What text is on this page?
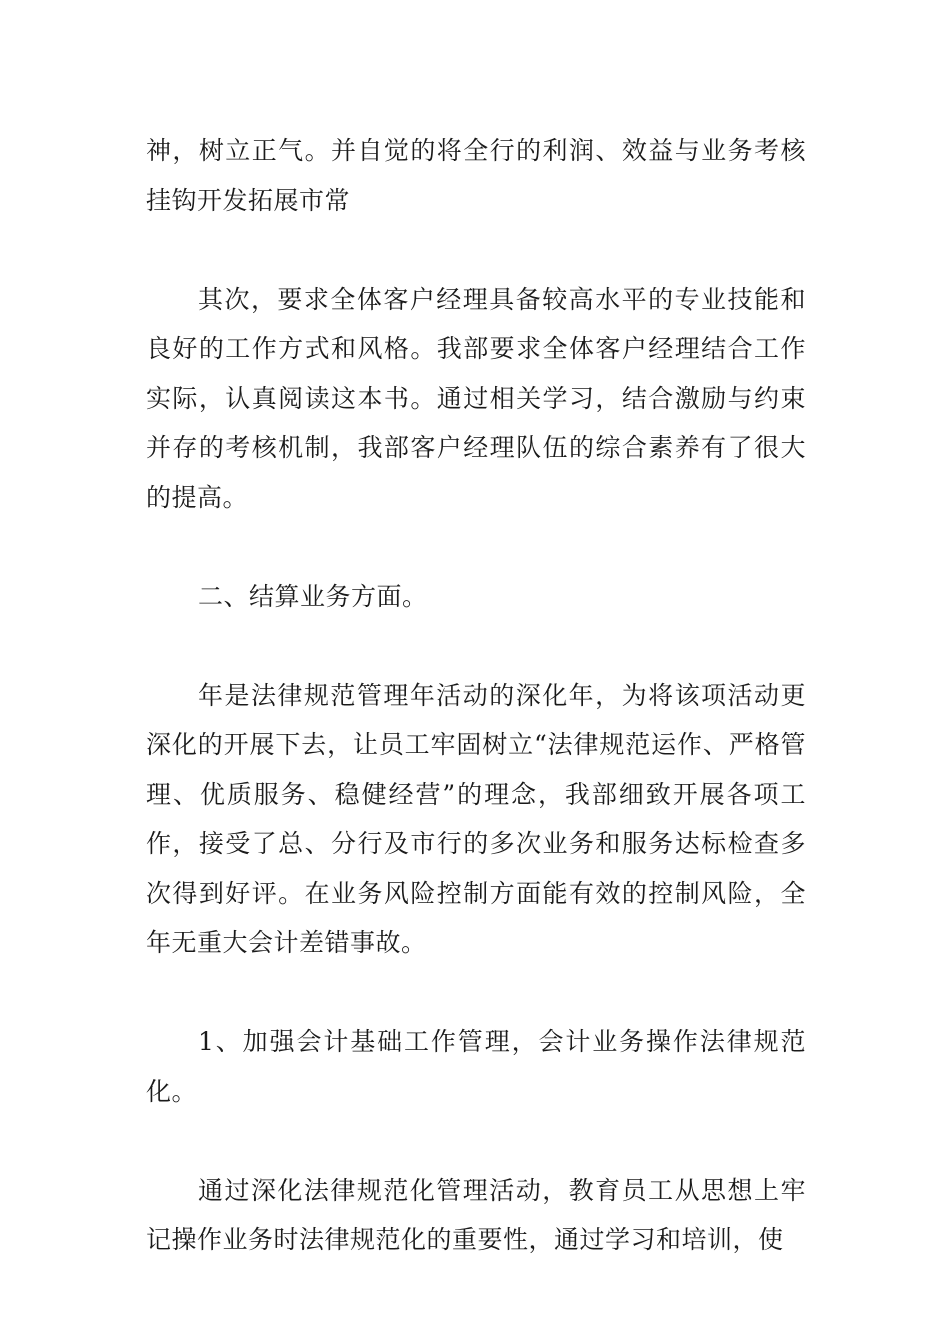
神，树立正气。并自觉的将全行的利润、效益与业务考核挂钩开发拓展市常

其次，要求全体客户经理具备较高水平的专业技能和良好的工作方式和风格。我部要求全体客户经理结合工作实际，认真阅读这本书。通过相关学习，结合激励与约束并存的考核机制，我部客户经理队伍的综合素养有了很大的提高。

二、结算业务方面。

年是法律规范管理年活动的深化年，为将该项活动更深化的开展下去，让员工牢固树立“法律规范运作、严格管理、优质服务、稳健经营”的理念，我部细致开展各项工作，接受了总、分行及市行的多次业务和服务达标检查多次得到好评。在业务风险控制方面能有效的控制风险，全年无重大会计差错事故。

1、加强会计基础工作管理，会计业务操作法律规范化。

通过深化法律规范化管理活动，教育员工从思想上牢记操作业务时法律规范化的重要性，通过学习和培训，使
